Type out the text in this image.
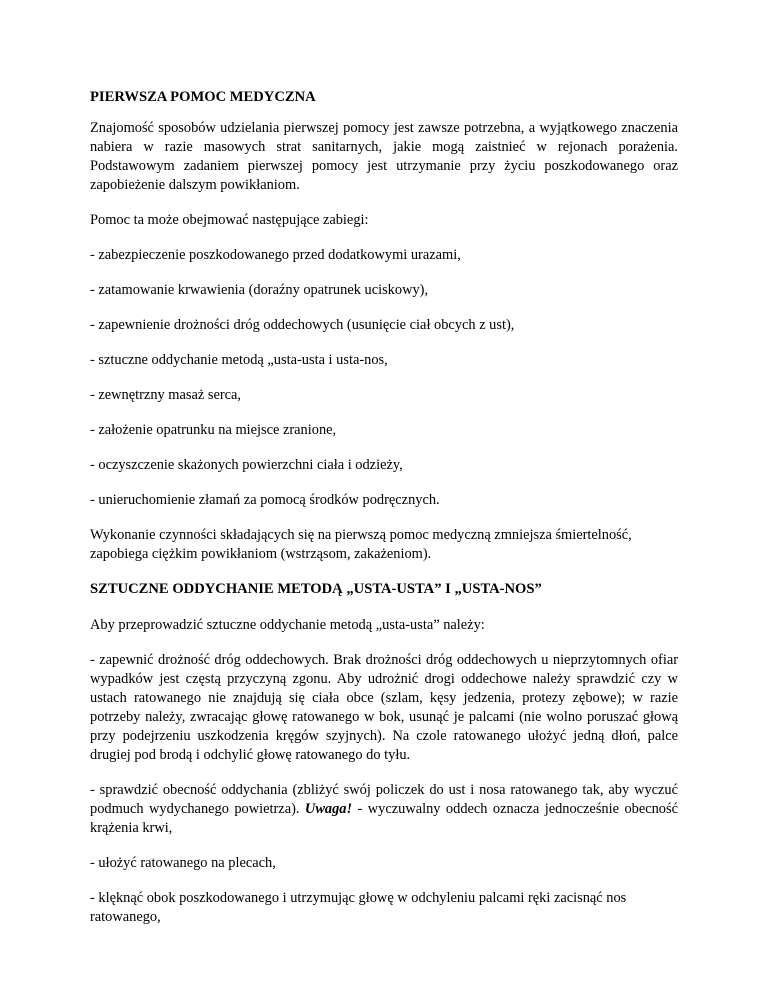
PIERWSZA POMOC MEDYCZNA

Znajomość sposobów udzielania pierwszej pomocy jest zawsze potrzebna, a wyjątkowego znaczenia nabiera w razie masowych strat sanitarnych, jakie mogą zaistnieć w rejonach porażenia. Podstawowym zadaniem pierwszej pomocy jest utrzymanie przy życiu poszkodowanego oraz zapobieżenie dalszym powikłaniom.

Pomoc ta może obejmować następujące zabiegi:

- zabezpieczenie poszkodowanego przed dodatkowymi urazami,

- zatamowanie krwawienia (doraźny opatrunek uciskowy),

- zapewnienie drożności dróg oddechowych (usunięcie ciał obcych z ust),

- sztuczne oddychanie metodą „usta-usta i usta-nos,

- zewnętrzny masaż serca,

- założenie opatrunku na miejsce zranione,

- oczyszczenie skażonych powierzchni ciała i odzieży,

- unieruchomienie złamań za pomocą środków podręcznych.

Wykonanie czynności składających się na pierwszą pomoc medyczną zmniejsza śmiertelność, zapobiega ciężkim powikłaniom (wstrząsom, zakażeniom).

SZTUCZNE ODDYCHANIE METODĄ „USTA-USTA” I „USTA-NOS”

Aby przeprowadzić sztuczne oddychanie metodą „usta-usta” należy:

- zapewnić drożność dróg oddechowych. Brak drożności dróg oddechowych u nieprzytomnych ofiar wypadków jest częstą przyczyną zgonu. Aby udrożnić drogi oddechowe należy sprawdzić czy w ustach ratowanego nie znajdują się ciała obce (szlam, kęsy jedzenia, protezy zębowe); w razie potrzeby należy, zwracając głowę ratowanego w bok, usunąć je palcami (nie wolno poruszać głową przy podejrzeniu uszkodzenia kręgów szyjnych). Na czole ratowanego ułożyć jedną dłoń, palce drugiej pod brodą i odchylić głowę ratowanego do tyłu.

- sprawdzić obecność oddychania (zbliżyć swój policzek do ust i nosa ratowanego tak, aby wyczuć podmuch wydychanego powietrza). Uwaga! - wyczuwalny oddech oznacza jednocześnie obecność krążenia krwi,

- ułożyć ratowanego na plecach,

- klęknąć obok poszkodowanego i utrzymując głowę w odchyleniu palcami ręki zacisnąć nos ratowanego,
